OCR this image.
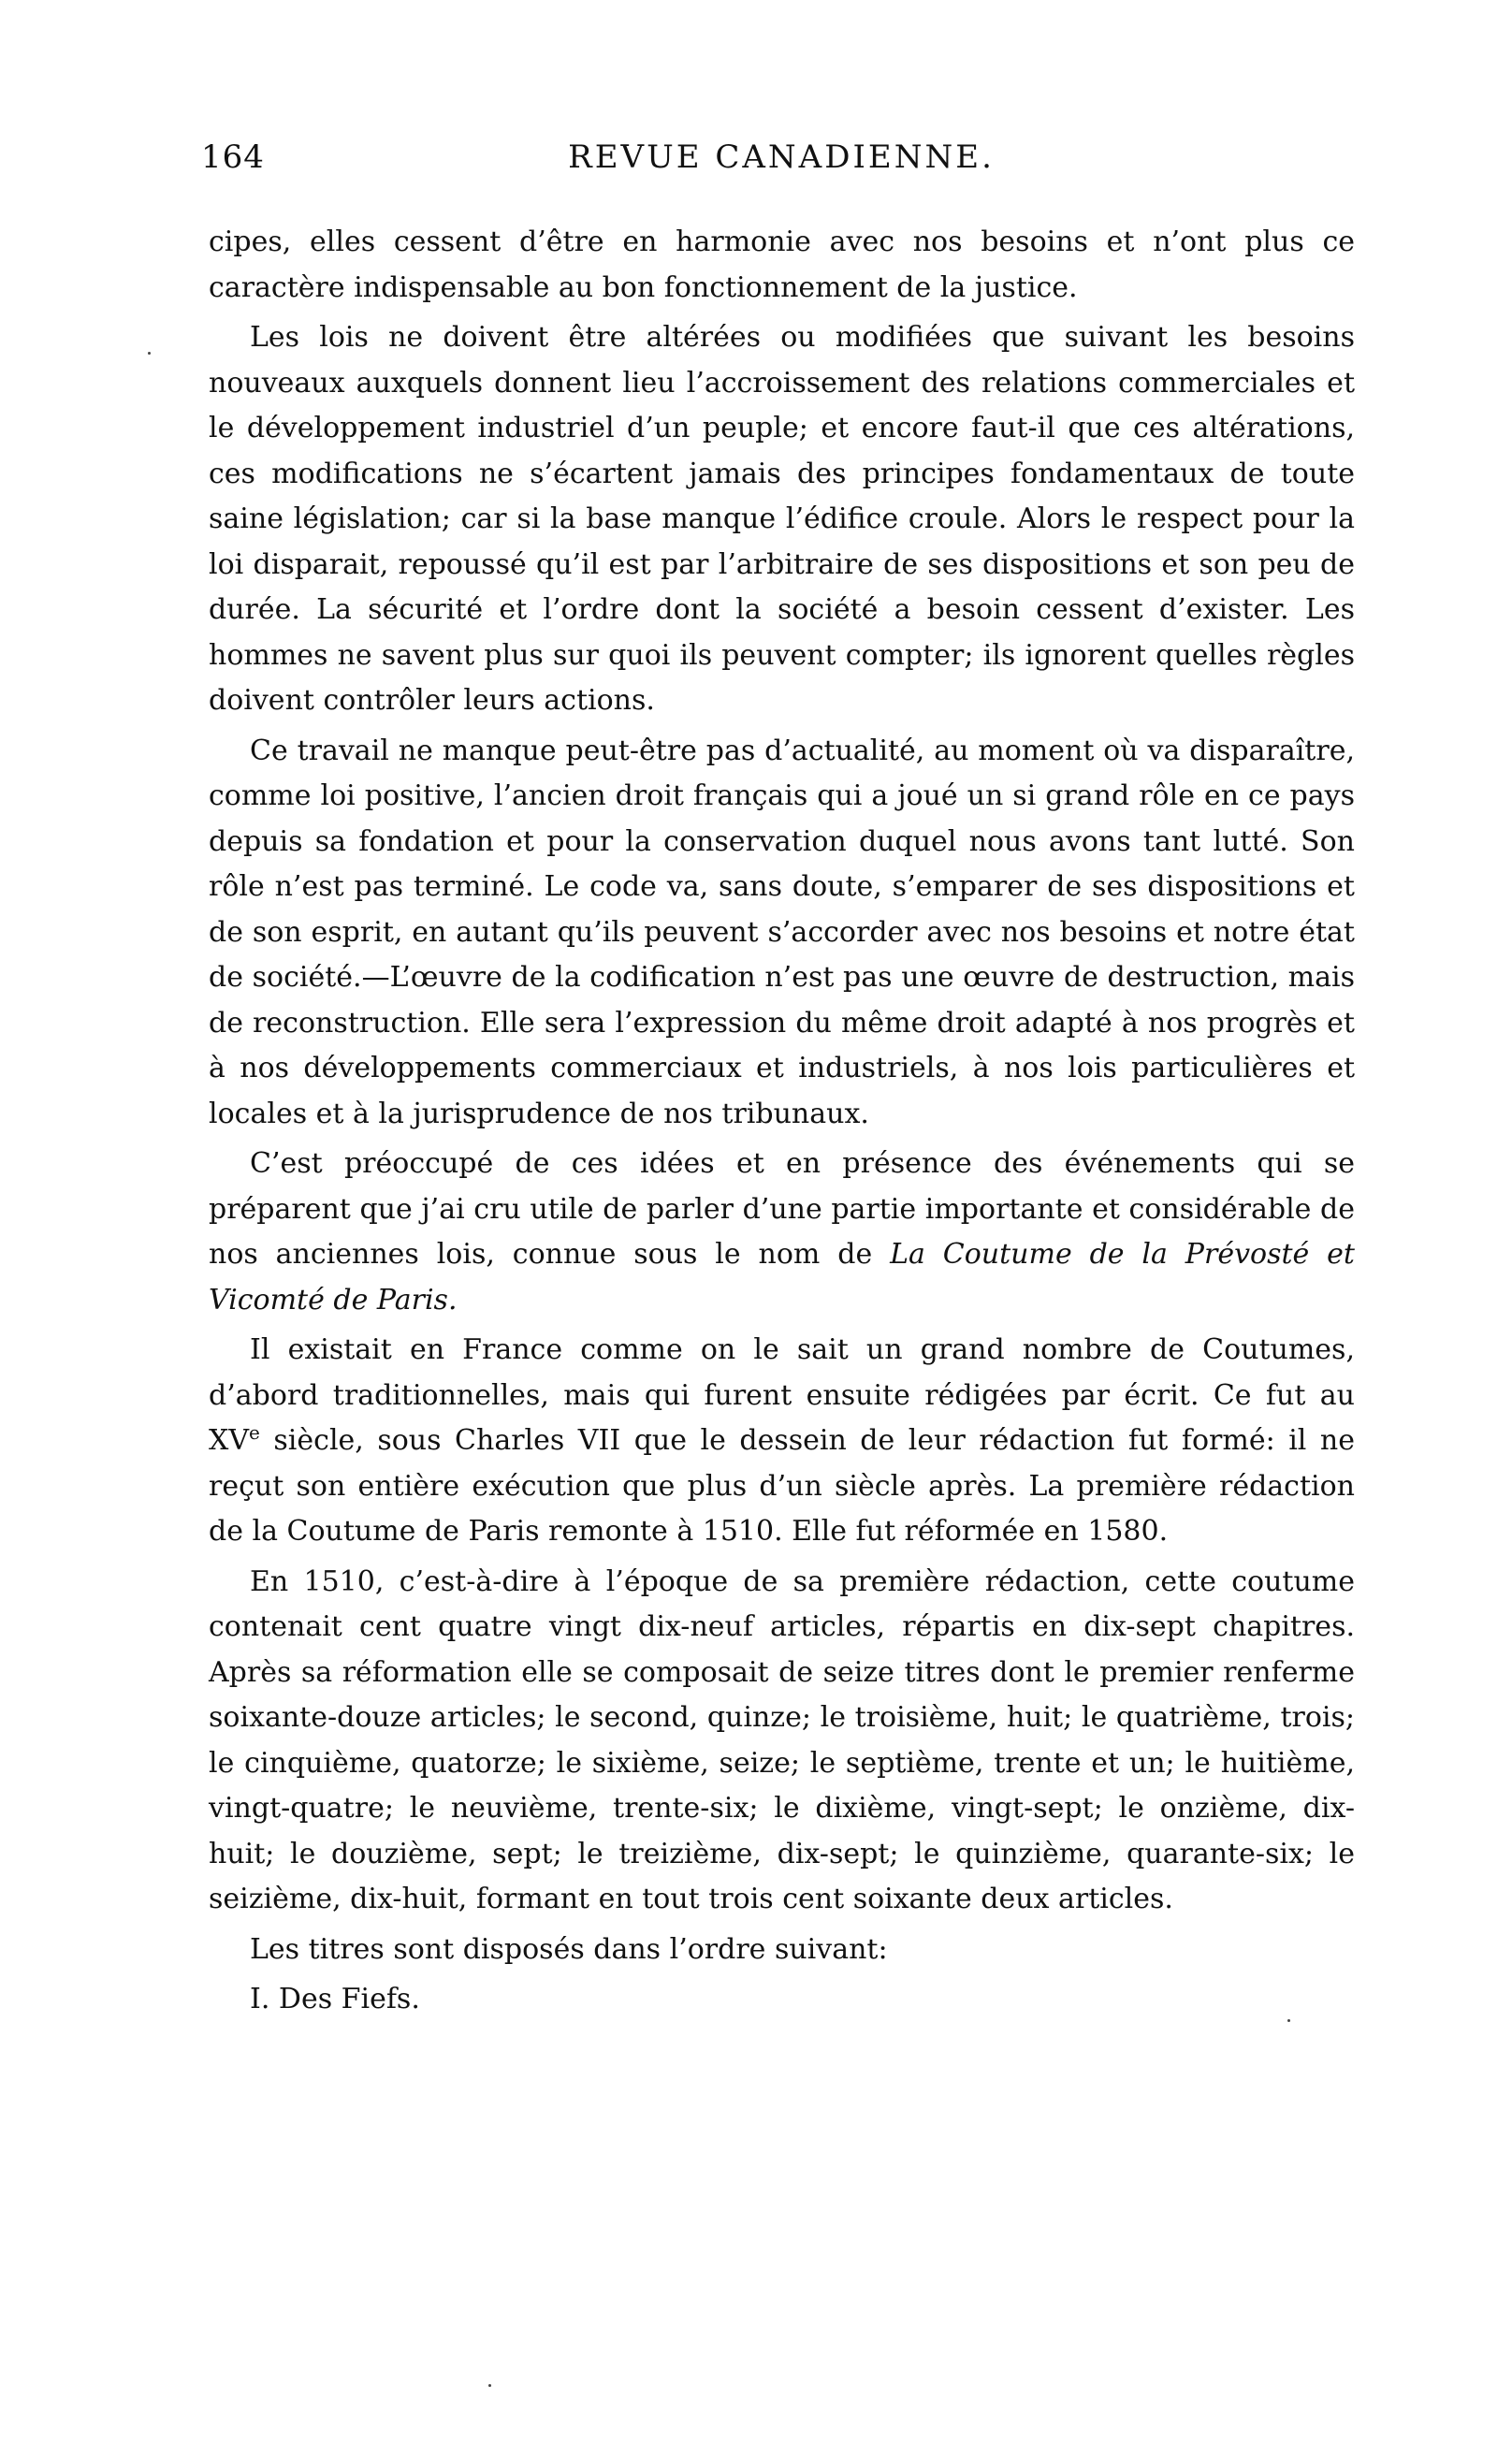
164	REVUE CANADIENNE.

cipes, elles cessent d’être en harmonie avec nos besoins et n’ont plus ce caractère indispensable au bon fonctionnement de la justice.

Les lois ne doivent être altérées ou modifiées que suivant les besoins nouveaux auxquels donnent lieu l’accroissement des relations commerciales et le développement industriel d’un peuple; et encore faut-il que ces altérations, ces modifications ne s’écartent jamais des principes fondamentaux de toute saine législation; car si la base manque l’édifice croule. Alors le respect pour la loi disparait, repoussé qu’il est par l’arbitraire de ses dispositions et son peu de durée. La sécurité et l’ordre dont la société a besoin cessent d’exister. Les hommes ne savent plus sur quoi ils peuvent compter; ils ignorent quelles règles doivent contrôler leurs actions.

Ce travail ne manque peut-être pas d’actualité, au moment où va disparaître, comme loi positive, l’ancien droit français qui a joué un si grand rôle en ce pays depuis sa fondation et pour la conservation duquel nous avons tant lutté. Son rôle n’est pas terminé. Le code va, sans doute, s’emparer de ses dispositions et de son esprit, en autant qu’ils peuvent s’accorder avec nos besoins et notre état de société.—L’œuvre de la codification n’est pas une œuvre de destruction, mais de reconstruction. Elle sera l’expression du même droit adapté à nos progrès et à nos développements commerciaux et industriels, à nos lois particulières et locales et à la jurisprudence de nos tribunaux.

C’est préoccupé de ces idées et en présence des événements qui se préparent que j’ai cru utile de parler d’une partie importante et considérable de nos anciennes lois, connue sous le nom de La Coutume de la Prévosté et Vicomté de Paris.

Il existait en France comme on le sait un grand nombre de Coutumes, d’abord traditionnelles, mais qui furent ensuite rédigées par écrit. Ce fut au XVe siècle, sous Charles VII que le dessein de leur rédaction fut formé: il ne reçut son entière exécution que plus d’un siècle après. La première rédaction de la Coutume de Paris remonte à 1510. Elle fut réformée en 1580.

En 1510, c’est-à-dire à l’époque de sa première rédaction, cette coutume contenait cent quatre vingt dix-neuf articles, répartis en dix-sept chapitres. Après sa réformation elle se composait de seize titres dont le premier renferme soixante-douze articles; le second, quinze; le troisième, huit; le quatrième, trois; le cinquième, quatorze; le sixième, seize; le septième, trente et un; le huitième, vingt-quatre; le neuvième, trente-six; le dixième, vingt-sept; le onzième, dix-huit; le douzième, sept; le treizième, dix-sept; le quinzième, quarante-six; le seizième, dix-huit, formant en tout trois cent soixante deux articles.

Les titres sont disposés dans l’ordre suivant:

I. Des Fiefs.
